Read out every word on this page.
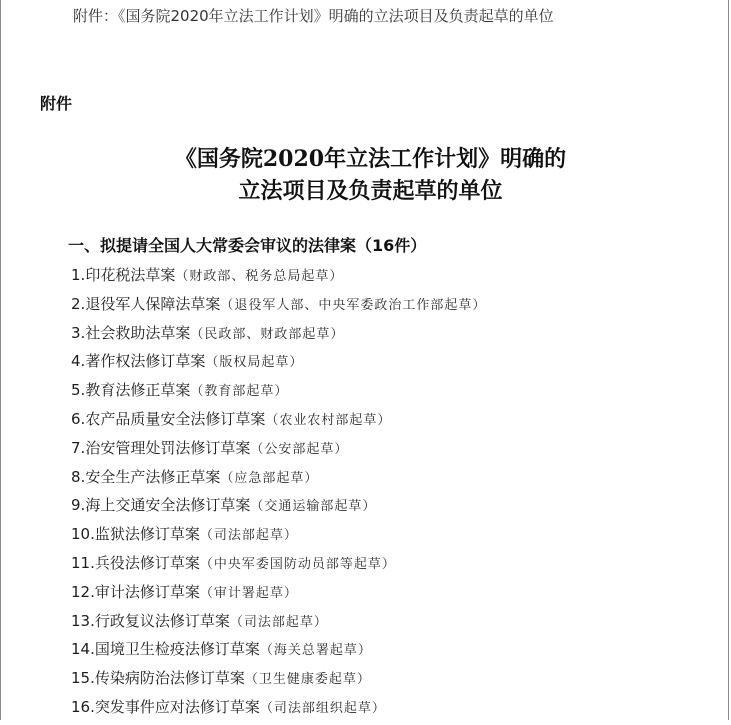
附件：《国务院2020年立法工作计划》明确的立法项目及负责起草的单位
附件
《国务院2020年立法工作计划》明确的
立法项目及负责起草的单位
一、拟提请全国人大常委会审议的法律案（16件）
1.印花税法草案（财政部、税务总局起草）
2.退役军人保障法草案（退役军人部、中央军委政治工作部起草）
3.社会救助法草案（民政部、财政部起草）
4.著作权法修订草案（版权局起草）
5.教育法修正草案（教育部起草）
6.农产品质量安全法修订草案（农业农村部起草）
7.治安管理处罚法修订草案（公安部起草）
8.安全生产法修正草案（应急部起草）
9.海上交通安全法修订草案（交通运输部起草）
10.监狱法修订草案（司法部起草）
11.兵役法修订草案（中央军委国防动员部等起草）
12.审计法修订草案（审计署起草）
13.行政复议法修订草案（司法部起草）
14.国境卫生检疫法修订草案（海关总署起草）
15.传染病防治法修订草案（卫生健康委起草）
16.突发事件应对法修订草案（司法部组织起草）
